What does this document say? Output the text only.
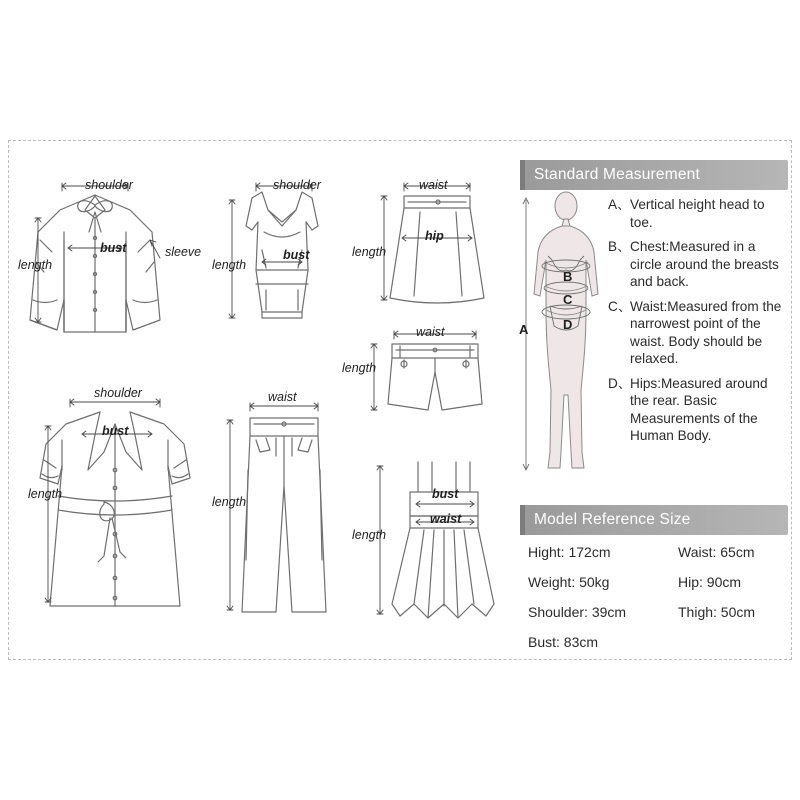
shoulder
length
bust	sleeve
shoulder
length
bust
waist
length
hip
waist
length
shoulder
length
bust
waist
length
bust
waist
length
Standard Measurement
A
B
C
D
A、 Vertical height head to toe.
B、 Chest:Measured in a circle around the breasts and back.
C、
Waist:Measured from the narrowest point of the waist. Body should be relaxed.
D、
Hips:Measured around the rear. Basic Measurements of the Human Body.
Model Reference Size
Hight: 172cm
Weight: 50kg
Shoulder: 39cm
Bust: 83cm
Waist: 65cm
Hip: 90cm
Thigh: 50cm
